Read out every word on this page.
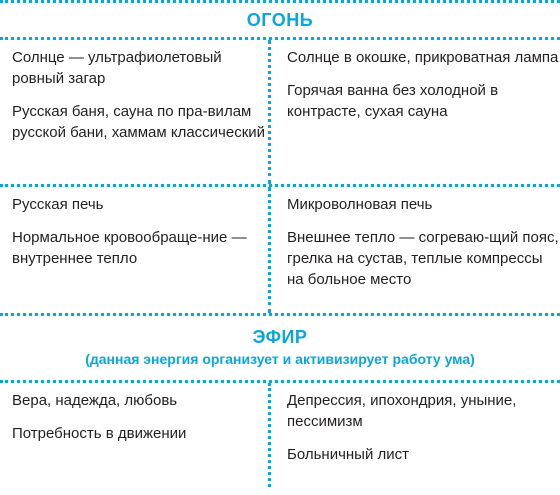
ОГОНЬ

Солнце — ультрафиолетовый ровный загар

Русская баня, сауна по пра-вилам русской бани, хаммам классический

Солнце в окошке, прикроватная лампа

Горячая ванна без холодной в контрасте, сухая сауна

Русская печь

Нормальное кровообраще-ние — внутреннее тепло

Микроволновая печь

Внешнее тепло — согреваю-щий пояс, грелка на сустав, теплые компрессы на больное место

ЭФИР
(данная энергия организует и активизирует работу ума)

Вера, надежда, любовь

Потребность в движении

Депрессия, ипохондрия, уныние, пессимизм

Больничный лист
